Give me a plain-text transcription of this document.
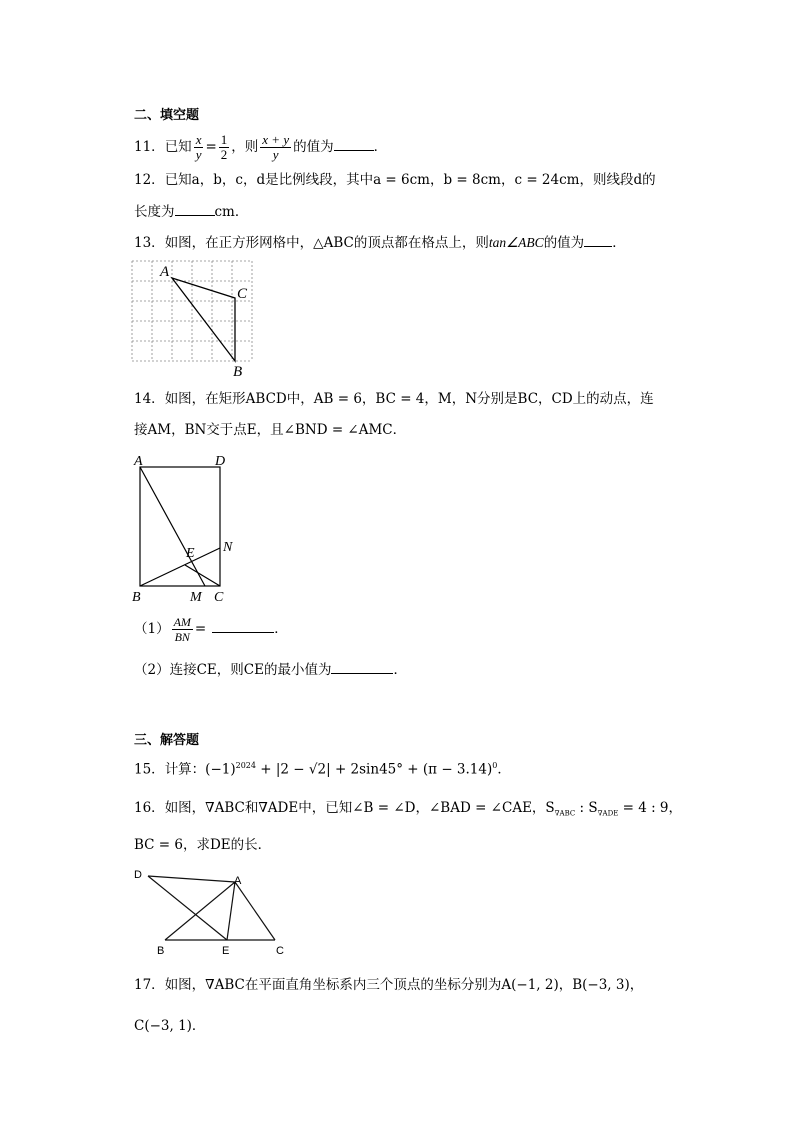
二、填空题
11．已知 $\frac{x}{y} = \frac{1}{2}$ ，则 $\frac{x + y}{y}$ 的值为	．
12．已知a，b，c，d是比例线段，其中a = 6cm，b = 8cm，c = 24cm，则线段d的
长度为	cm．
13．如图，在正方形网格中，△ABC的顶点都在格点上，则tan∠ABC的值为 ．
A
C
B
14．如图，在矩形ABCD中，AB = 6，BC = 4，M，N分别是BC，CD上的动点，连
接AM，BN交于点E，且∠BND = ∠AMC．
A	D
E N
B	M C
$(1) \frac{AM}{BN}$ =	．
（2）连接CE，则CE的最小值为	．
三、解答题
15．计算：$(-1)^{2024} + |2 - √2| + 2\sin 45^\circ + (\pi - 3.14)^0$．
16．如图，∇ABC和∇ADE中，已知∠B = ∠D，∠BAD = ∠CAE，$S_{\nabla ABC}$ : $S_{\nabla ADE} = 4$ : 9，
BC = 6，求DE的长．
D	A
B	E	C
17．如图，∇ABC在平面直角坐标系内三个顶点的坐标分别为A(−1, 2)，B(−3, 3)，
C(−3, 1)．
